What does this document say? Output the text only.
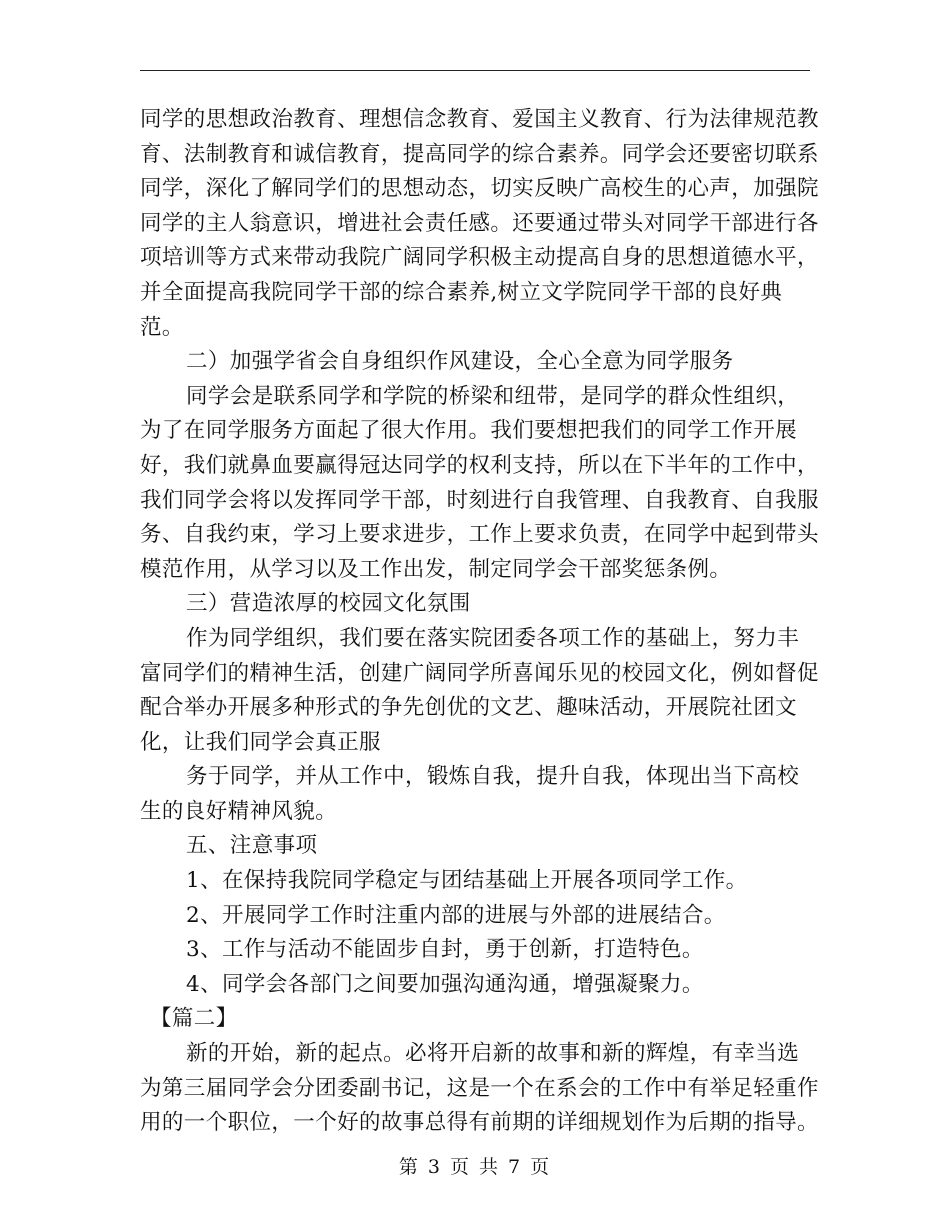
同学的思想政治教育、理想信念教育、爱国主义教育、行为法律规范教育、法制教育和诚信教育，提高同学的综合素养。同学会还要密切联系同学，深化了解同学们的思想动态，切实反映广高校生的心声，加强院同学的主人翁意识，增进社会责任感。还要通过带头对同学干部进行各项培训等方式来带动我院广阔同学积极主动提高自身的思想道德水平，并全面提高我院同学干部的综合素养,树立文学院同学干部的良好典范。

二）加强学省会自身组织作风建设，全心全意为同学服务

同学会是联系同学和学院的桥梁和纽带，是同学的群众性组织，为了在同学服务方面起了很大作用。我们要想把我们的同学工作开展好，我们就鼻血要赢得冠达同学的权利支持，所以在下半年的工作中，我们同学会将以发挥同学干部，时刻进行自我管理、自我教育、自我服务、自我约束，学习上要求进步，工作上要求负责，在同学中起到带头模范作用，从学习以及工作出发，制定同学会干部奖惩条例。

三）营造浓厚的校园文化氛围

作为同学组织，我们要在落实院团委各项工作的基础上，努力丰富同学们的精神生活，创建广阔同学所喜闻乐见的校园文化，例如督促配合举办开展多种形式的争先创优的文艺、趣味活动，开展院社团文化，让我们同学会真正服

务于同学，并从工作中，锻炼自我，提升自我，体现出当下高校生的良好精神风貌。

五、注意事项

1、在保持我院同学稳定与团结基础上开展各项同学工作。

2、开展同学工作时注重内部的进展与外部的进展结合。

3、工作与活动不能固步自封，勇于创新，打造特色。

4、同学会各部门之间要加强沟通沟通，增强凝聚力。

【篇二】

新的开始，新的起点。必将开启新的故事和新的辉煌，有幸当选为第三届同学会分团委副书记，这是一个在系会的工作中有举足轻重作用的一个职位，一个好的故事总得有前期的详细规划作为后期的指导。

第 3 页 共 7 页
